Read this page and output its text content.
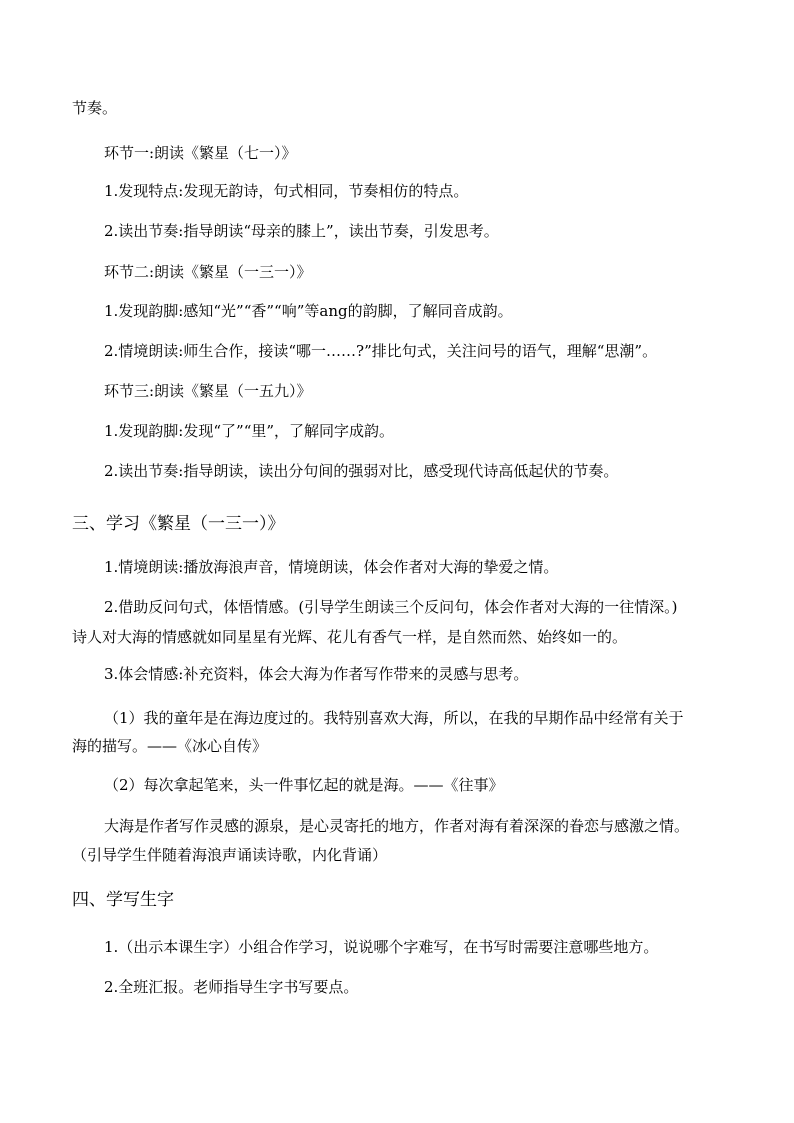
节奏。
环节一:朗读《繁星（七一）》
1.发现特点:发现无韵诗，句式相同，节奏相仿的特点。
2.读出节奏:指导朗读“母亲的膝上”，读出节奏，引发思考。
环节二:朗读《繁星（一三一）》
1.发现韵脚:感知“光”“香”“响”等ang的韵脚，了解同音成韵。
2.情境朗读:师生合作，接读“哪一……?”排比句式，关注问号的语气，理解“思潮”。
环节三:朗读《繁星（一五九）》
1.发现韵脚:发现“了”“里”，了解同字成韵。
2.读出节奏:指导朗读，读出分句间的强弱对比，感受现代诗高低起伏的节奏。
三、学习《繁星（一三一）》
1.情境朗读:播放海浪声音，情境朗读，体会作者对大海的挚爱之情。
2.借助反问句式，体悟情感。(引导学生朗读三个反问句，体会作者对大海的一往情深。)
诗人对大海的情感就如同星星有光辉、花儿有香气一样，是自然而然、始终如一的。
3.体会情感:补充资料，体会大海为作者写作带来的灵感与思考。
（1）我的童年是在海边度过的。我特别喜欢大海，所以，在我的早期作品中经常有关于
海的描写。——《冰心自传》
（2）每次拿起笔来，头一件事忆起的就是海。——《往事》
大海是作者写作灵感的源泉，是心灵寄托的地方，作者对海有着深深的眷恋与感激之情。
（引导学生伴随着海浪声诵读诗歌，内化背诵）
四、学写生字
1.（出示本课生字）小组合作学习，说说哪个字难写，在书写时需要注意哪些地方。
2.全班汇报。老师指导生字书写要点。
